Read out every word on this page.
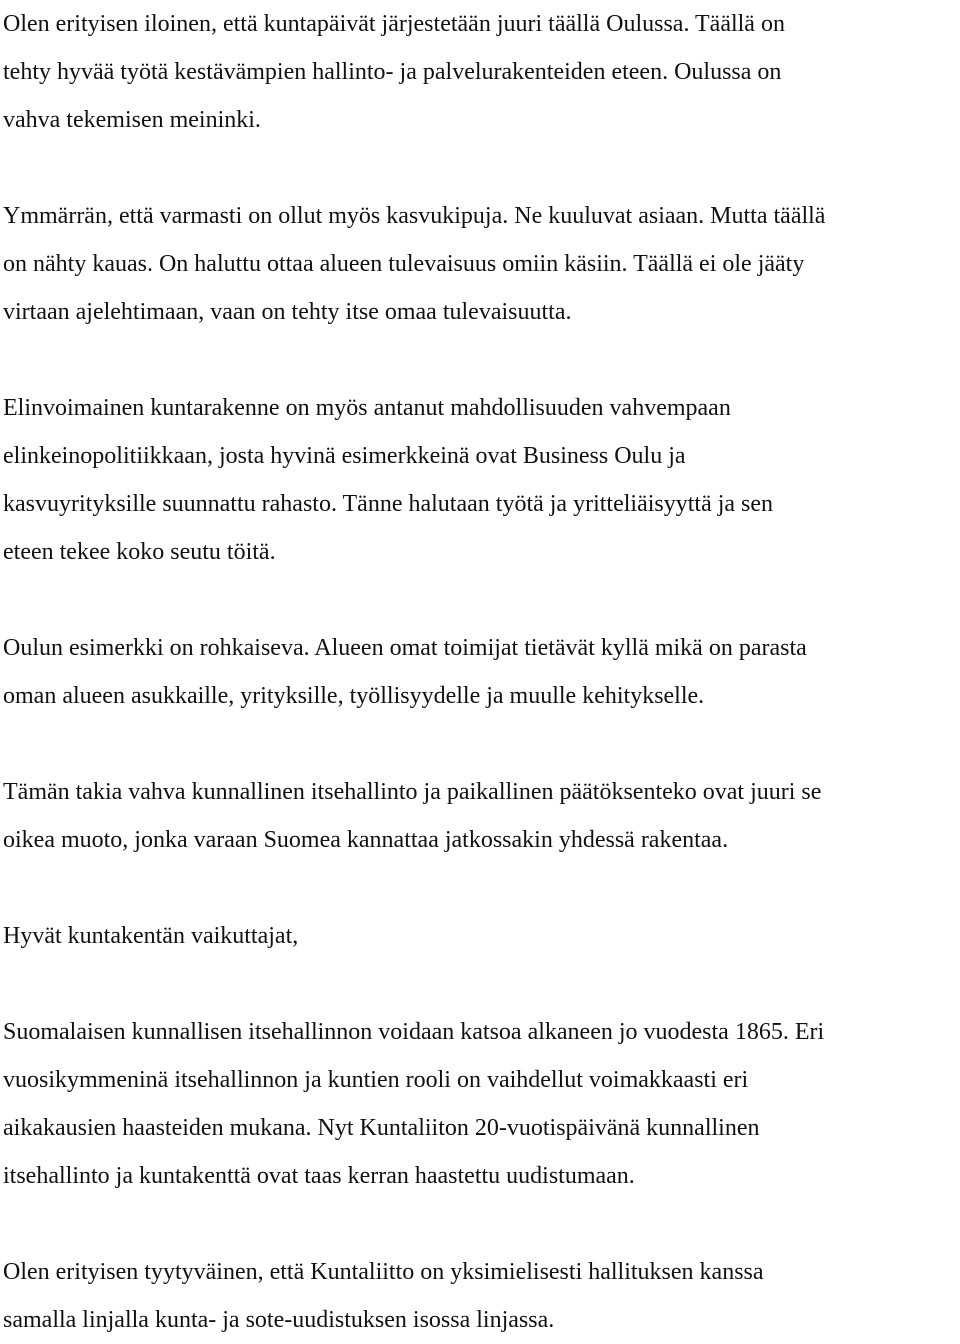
Olen erityisen iloinen, että kuntapäivät järjestetään juuri täällä Oulussa. Täällä on
tehty hyvää työtä kestävämpien hallinto- ja palvelurakenteiden eteen. Oulussa on
vahva tekemisen meininki.

Ymmärrän, että varmasti on ollut myös kasvukipuja. Ne kuuluvat asiaan. Mutta täällä
on nähty kauas. On haluttu ottaa alueen tulevaisuus omiin käsiin. Täällä ei ole jääty
virtaan ajelehtimaan, vaan on tehty itse omaa tulevaisuutta.

Elinvoimainen kuntarakenne on myös antanut mahdollisuuden vahvempaan
elinkeinopolitiikkaan, josta hyvinä esimerkkeinä ovat Business Oulu ja
kasvuyrityksille suunnattu rahasto. Tänne halutaan työtä ja yritteliäisyyttä ja sen
eteen tekee koko seutu töitä.

Oulun esimerkki on rohkaiseva. Alueen omat toimijat tietävät kyllä mikä on parasta
oman alueen asukkaille, yrityksille, työllisyydelle ja muulle kehitykselle.

Tämän takia vahva kunnallinen itsehallinto ja paikallinen päätöksenteko ovat juuri se
oikea muoto, jonka varaan Suomea kannattaa jatkossakin yhdessä rakentaa.

Hyvät kuntakentän vaikuttajat,

Suomalaisen kunnallisen itsehallinnon voidaan katsoa alkaneen jo vuodesta 1865. Eri
vuosikymmeninä itsehallinnon ja kuntien rooli on vaihdellut voimakkaasti eri
aikakausien haasteiden mukana. Nyt Kuntaliiton 20-vuotispäivänä kunnallinen
itsehallinto ja kuntakenttä ovat taas kerran haastettu uudistumaan.

Olen erityisen tyytyväinen, että Kuntaliitto on yksimielisesti hallituksen kanssa
samalla linjalla kunta- ja sote-uudistuksen isossa linjassa.
